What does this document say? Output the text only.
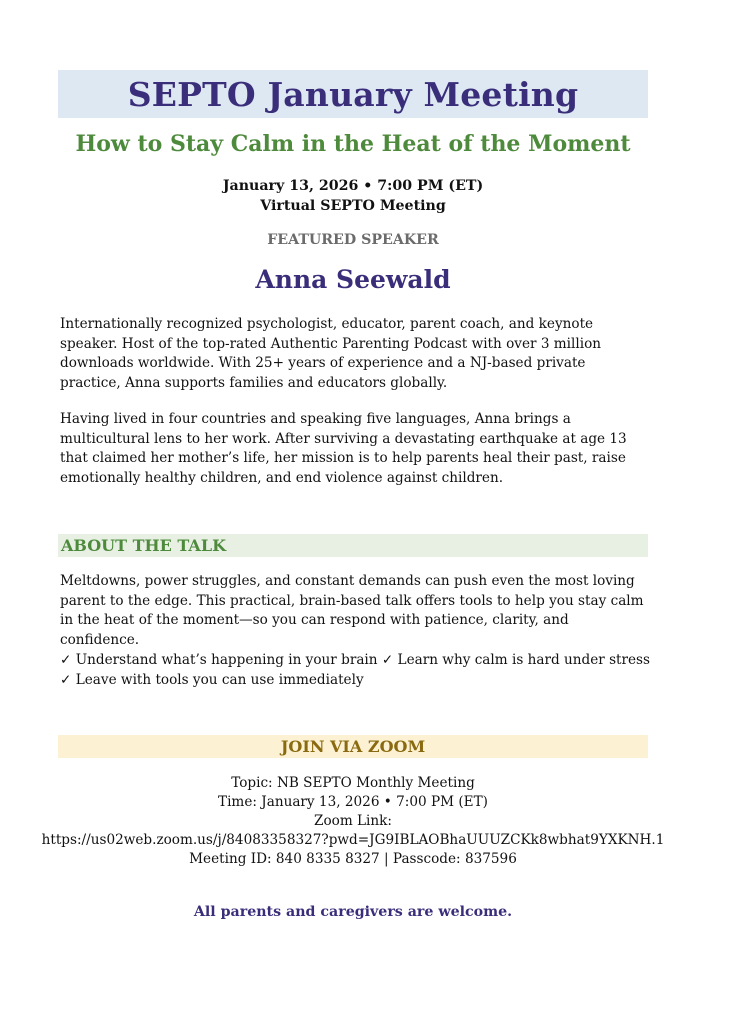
SEPTO January Meeting
How to Stay Calm in the Heat of the Moment
January 13, 2026 • 7:00 PM (ET)
Virtual SEPTO Meeting
FEATURED SPEAKER
Anna Seewald

Internationally recognized psychologist, educator, parent coach, and keynote speaker. Host of the top-rated Authentic Parenting Podcast with over 3 million downloads worldwide. With 25+ years of experience and a NJ-based private practice, Anna supports families and educators globally.

Having lived in four countries and speaking five languages, Anna brings a multicultural lens to her work. After surviving a devastating earthquake at age 13 that claimed her mother’s life, her mission is to help parents heal their past, raise emotionally healthy children, and end violence against children.

ABOUT THE TALK

Meltdowns, power struggles, and constant demands can push even the most loving parent to the edge. This practical, brain-based talk offers tools to help you stay calm in the heat of the moment—so you can respond with patience, clarity, and confidence.

✓ Understand what’s happening in your brain ✓ Learn why calm is hard under stress ✓ Leave with tools you can use immediately

JOIN VIA ZOOM
Topic: NB SEPTO Monthly Meeting
Time: January 13, 2026 • 7:00 PM (ET)
Zoom Link:
https://us02web.zoom.us/j/84083358327?pwd=JG9IBLAOBhaUUUZCKk8wbhat9YXKNH.1
Meeting ID: 840 8335 8327 | Passcode: 837596
All parents and caregivers are welcome.
